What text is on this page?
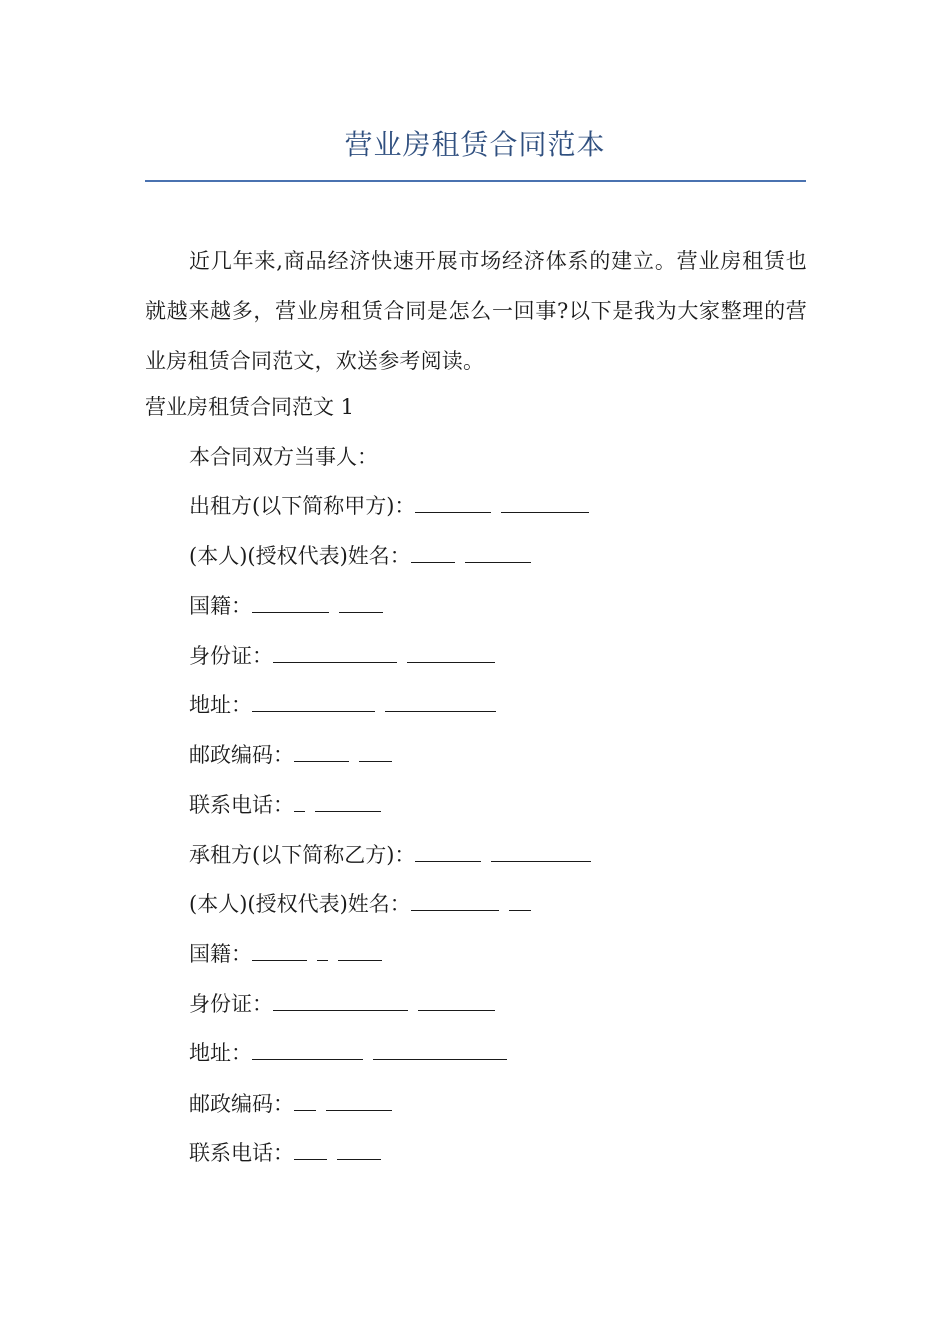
营业房租赁合同范本
近几年来,商品经济快速开展市场经济体系的建立。营业房租赁也就越来越多，营业房租赁合同是怎么一回事?以下是我为大家整理的营业房租赁合同范文，欢送参考阅读。
营业房租赁合同范文 1
本合同双方当事人：
出租方(以下简称甲方)：
(本人)(授权代表)姓名：
国籍：
身份证：
地址：
邮政编码：
联系电话：
承租方(以下简称乙方)：
(本人)(授权代表)姓名：
国籍：
身份证：
地址：
邮政编码：
联系电话：
